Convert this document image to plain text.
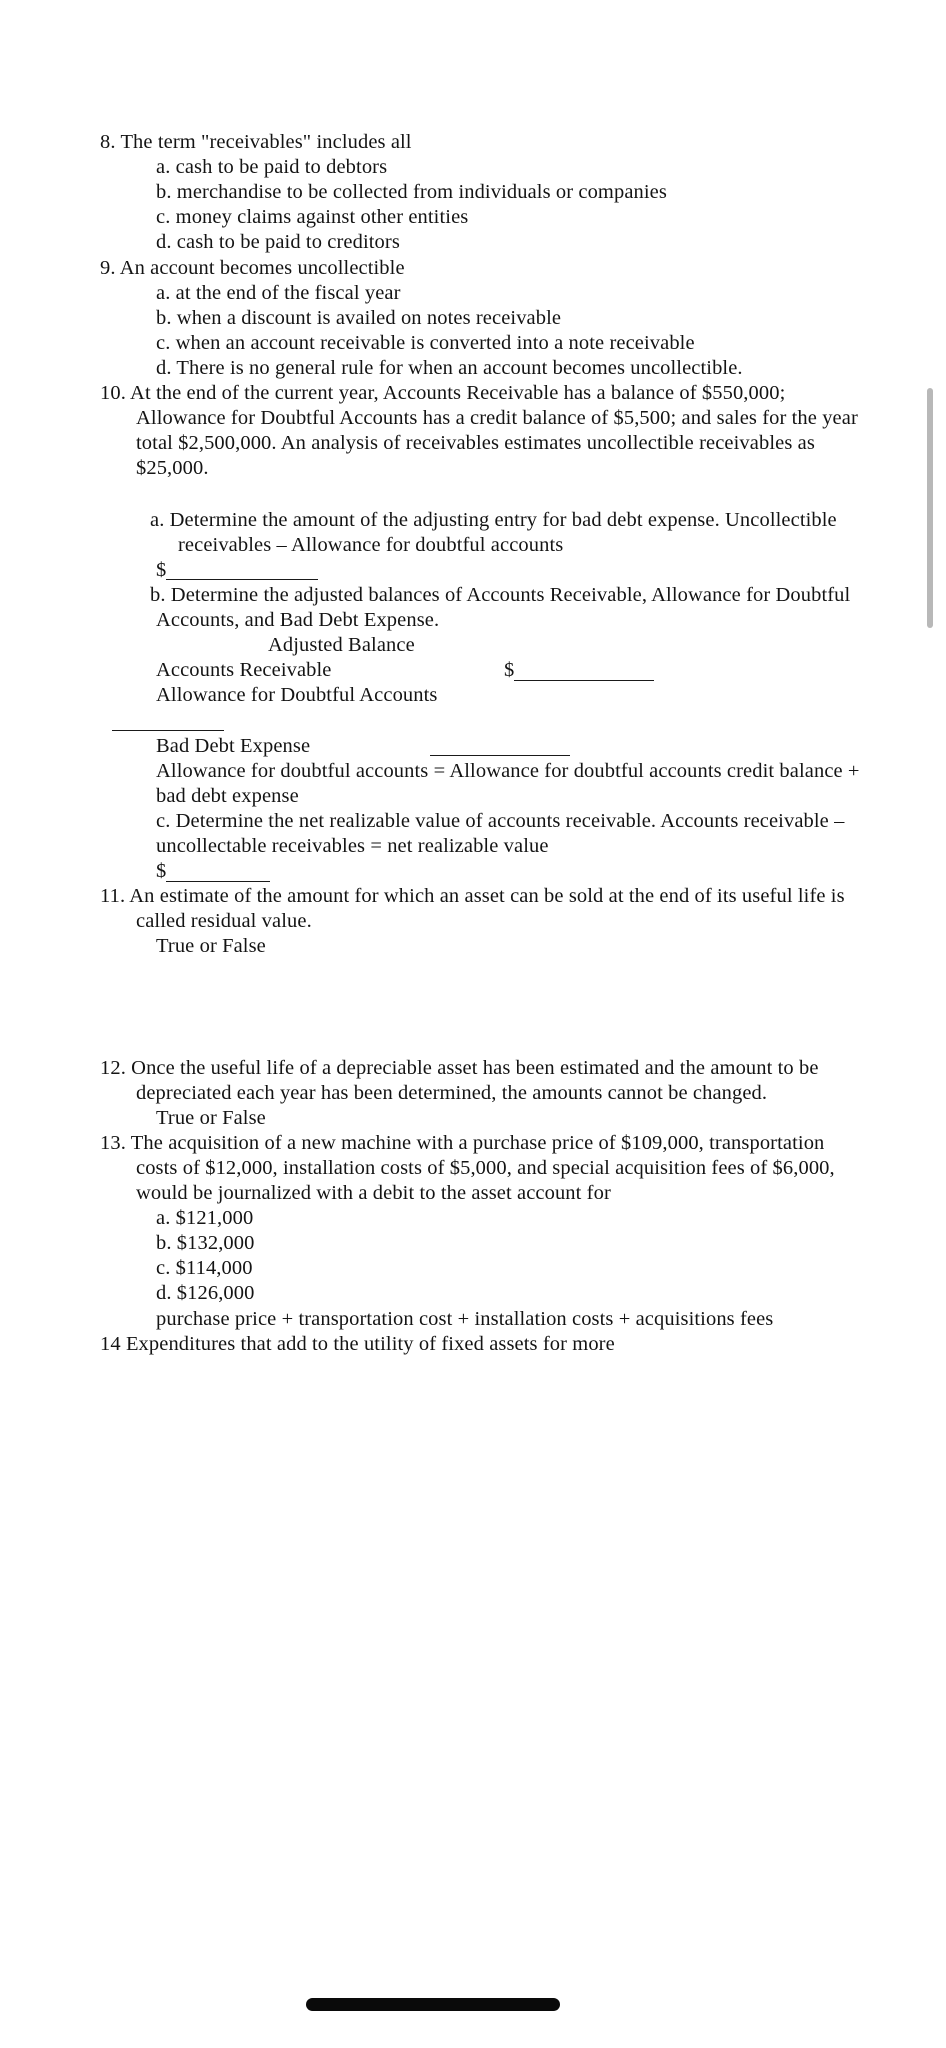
8. The term "receivables" includes all

a. cash to be paid to debtors

b. merchandise to be collected from individuals or companies

c. money claims against other entities

d. cash to be paid to creditors

9. An account becomes uncollectible

a. at the end of the fiscal year

b. when a discount is availed on notes receivable

c. when an account receivable is converted into a note receivable

d. There is no general rule for when an account becomes uncollectible.

10. At the end of the current year, Accounts Receivable has a balance of $550,000; Allowance for Doubtful Accounts has a credit balance of $5,500; and sales for the year total $2,500,000. An analysis of receivables estimates uncollectible receivables as $25,000.

a. Determine the amount of the adjusting entry for bad debt expense. Uncollectible receivables – Allowance for doubtful accounts

$

b. Determine the adjusted balances of Accounts Receivable, Allowance for Doubtful Accounts, and Bad Debt Expense.

Adjusted Balance

Accounts Receivable	$

Allowance for Doubtful Accounts

Bad Debt Expense

Allowance for doubtful accounts = Allowance for doubtful accounts credit balance + bad debt expense

c. Determine the net realizable value of accounts receivable. Accounts receivable – uncollectable receivables = net realizable value

$

11. An estimate of the amount for which an asset can be sold at the end of its useful life is called residual value.

True or False

12. Once the useful life of a depreciable asset has been estimated and the amount to be depreciated each year has been determined, the amounts cannot be changed.

True or False

13. The acquisition of a new machine with a purchase price of $109,000, transportation costs of $12,000, installation costs of $5,000, and special acquisition fees of $6,000, would be journalized with a debit to the asset account for

a. $121,000

b. $132,000

c. $114,000

d. $126,000

purchase price + transportation cost + installation costs + acquisitions fees

14 Expenditures that add to the utility of fixed assets for more
